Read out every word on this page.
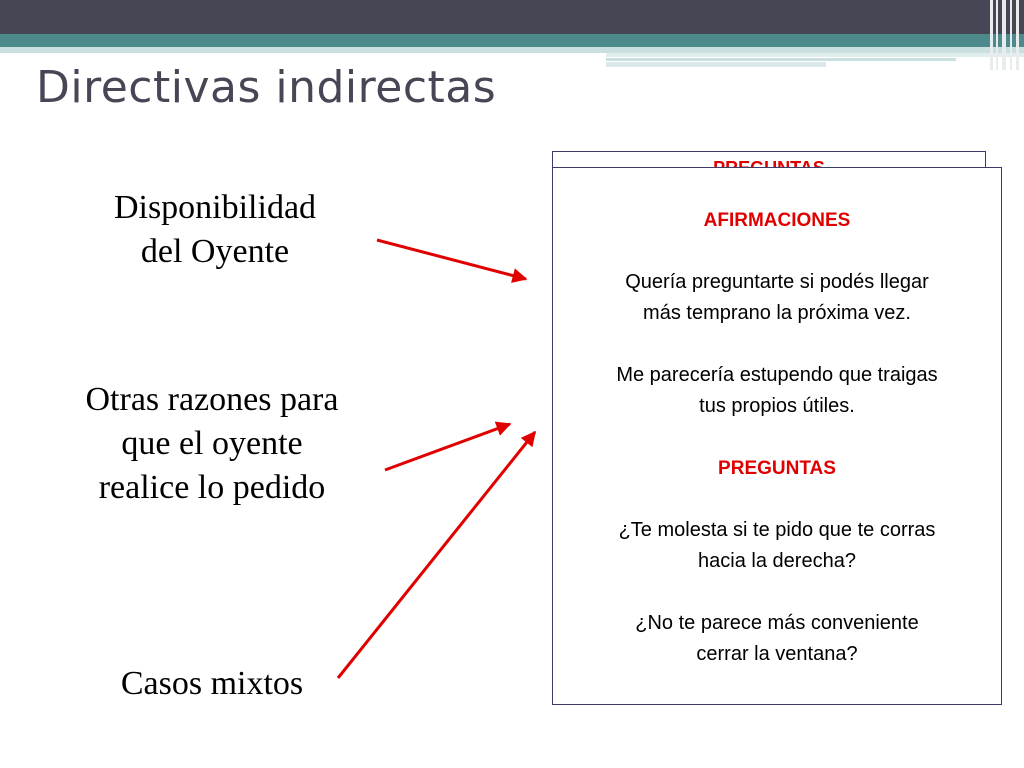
Directivas indirectas
Disponibilidad
del Oyente
Otras razones para
que el oyente
realice lo pedido
Casos mixtos

AFIRMACIONES

Quería preguntarte si podés llegar
más temprano la próxima vez.

Me parecería estupendo que traigas
tus propios útiles.

PREGUNTAS

¿Te molesta si te pido que te corras
hacia la derecha?

¿No te parece más conveniente
cerrar la ventana?
